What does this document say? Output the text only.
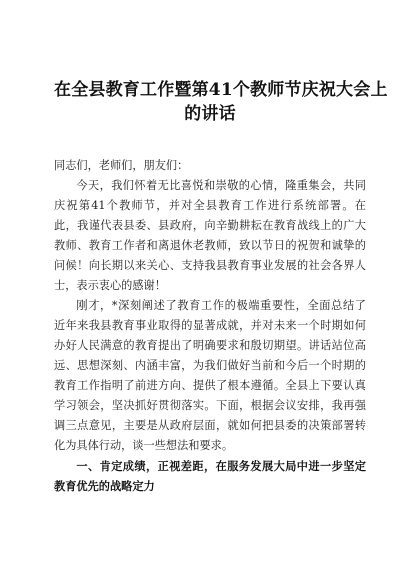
在全县教育工作暨第41个教师节庆祝大会上
的讲话

同志们，老师们，朋友们：

今天，我们怀着无比喜悦和崇敬的心情，隆重集会，共同
庆祝第41个教师节，并对全县教育工作进行系统部署。在
此，我谨代表县委、县政府，向辛勤耕耘在教育战线上的广大
教师、教育工作者和离退休老教师，致以节日的祝贺和诚挚的
问候！向长期以来关心、支持我县教育事业发展的社会各界人
士，表示衷心的感谢！

刚才，*深刻阐述了教育工作的极端重要性，全面总结了
近年来我县教育事业取得的显著成就，并对未来一个时期如何
办好人民满意的教育提出了明确要求和殷切期望。讲话站位高
远、思想深刻、内涵丰富，为我们做好当前和今后一个时期的
教育工作指明了前进方向、提供了根本遵循。全县上下要认真
学习领会，坚决抓好贯彻落实。下面，根据会议安排，我再强
调三点意见，主要是从政府层面，就如何把县委的决策部署转
化为具体行动，谈一些想法和要求。

一、肯定成绩，正视差距，在服务发展大局中进一步坚定
教育优先的战略定力
